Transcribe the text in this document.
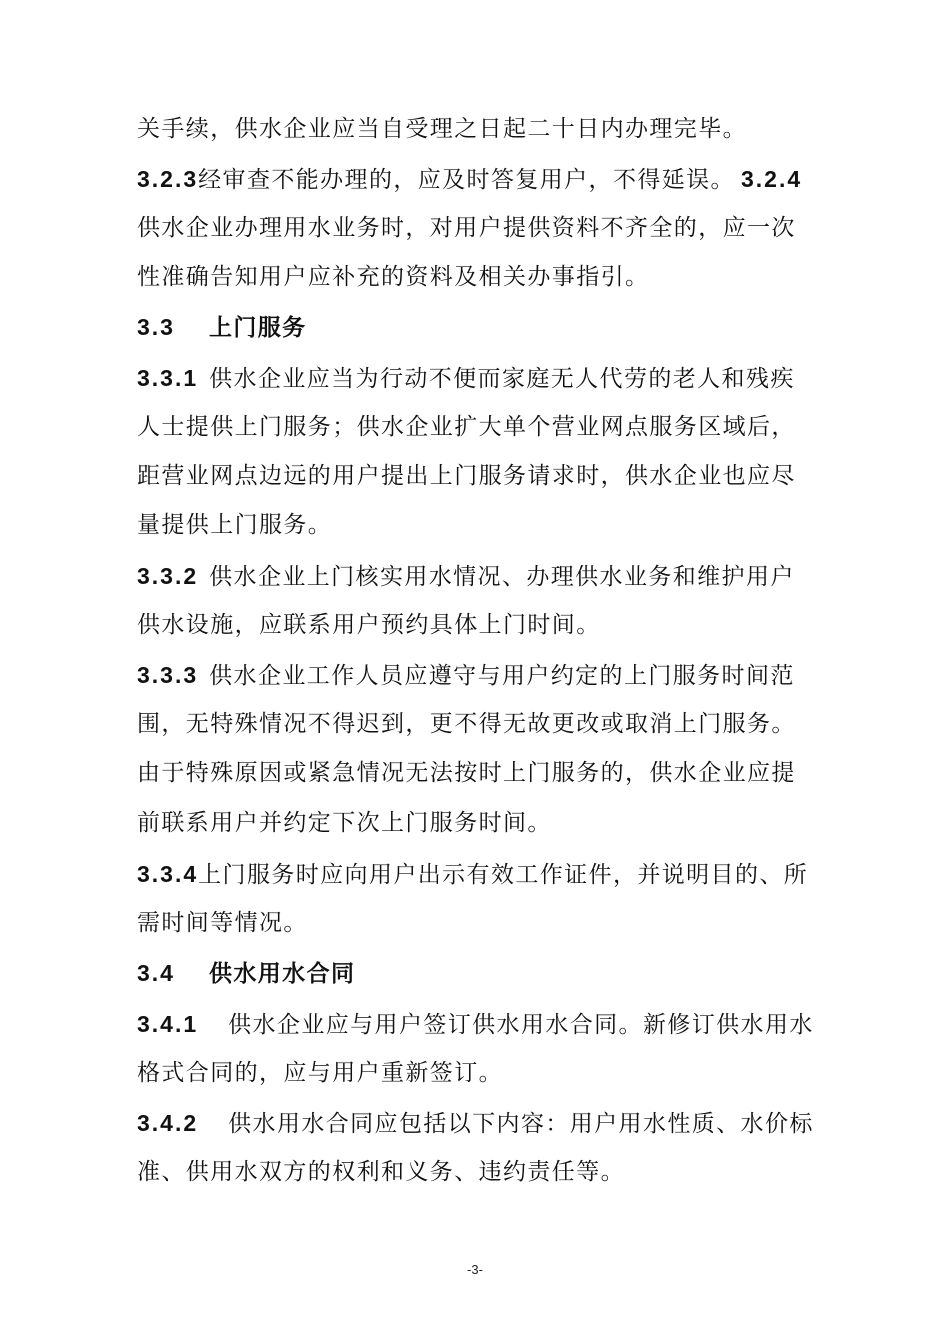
关手续，供水企业应当自受理之日起二十日内办理完毕。
3.2.3经审查不能办理的，应及时答复用户，不得延误。 3.2.4
供水企业办理用水业务时，对用户提供资料不齐全的，应一次
性准确告知用户应补充的资料及相关办事指引。
3.3 上门服务
3.3.1 供水企业应当为行动不便而家庭无人代劳的老人和残疾
人士提供上门服务；供水企业扩大单个营业网点服务区域后，
距营业网点边远的用户提出上门服务请求时，供水企业也应尽
量提供上门服务。
3.3.2 供水企业上门核实用水情况、办理供水业务和维护用户
供水设施，应联系用户预约具体上门时间。
3.3.3 供水企业工作人员应遵守与用户约定的上门服务时间范
围，无特殊情况不得迟到，更不得无故更改或取消上门服务。
由于特殊原因或紧急情况无法按时上门服务的，供水企业应提
前联系用户并约定下次上门服务时间。
3.3.4上门服务时应向用户出示有效工作证件，并说明目的、所
需时间等情况。
3.4 供水用水合同
3.4.1 供水企业应与用户签订供水用水合同。新修订供水用水
格式合同的，应与用户重新签订。
3.4.2 供水用水合同应包括以下内容：用户用水性质、水价标
准、供用水双方的权利和义务、违约责任等。
-3-
